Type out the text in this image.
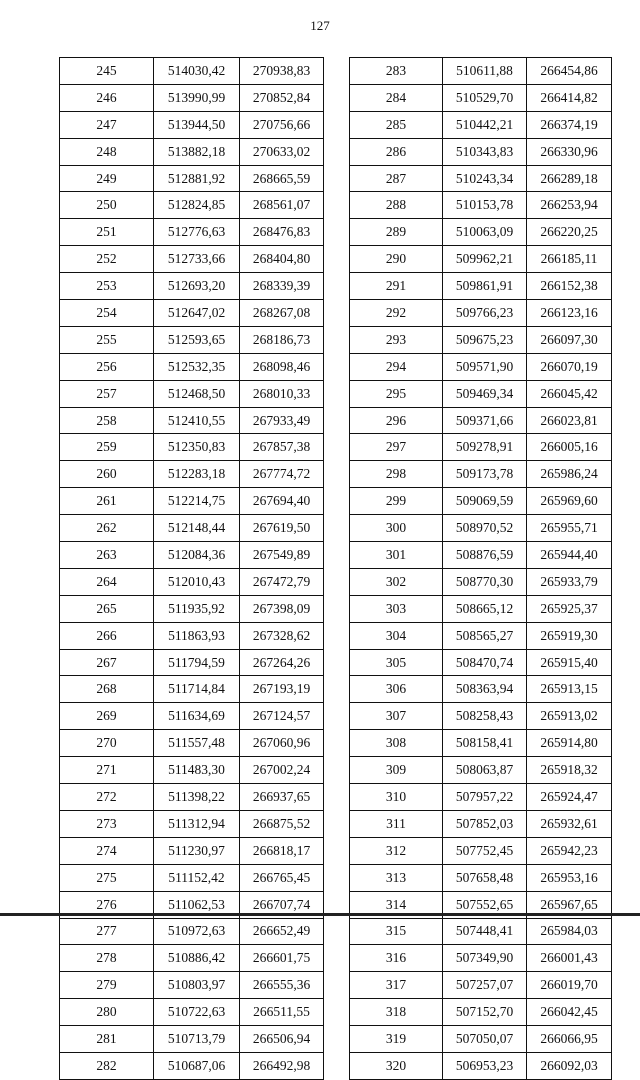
127
245	514030,42	270938,83
246	513990,99	270852,84
247	513944,50	270756,66
248	513882,18	270633,02
249	512881,92	268665,59
250	512824,85	268561,07
251	512776,63	268476,83
252	512733,66	268404,80
253	512693,20	268339,39
254	512647,02	268267,08
255	512593,65	268186,73
256	512532,35	268098,46
257	512468,50	268010,33
258	512410,55	267933,49
259	512350,83	267857,38
260	512283,18	267774,72
261	512214,75	267694,40
262	512148,44	267619,50
263	512084,36	267549,89
264	512010,43	267472,79
265	511935,92	267398,09
266	511863,93	267328,62
267	511794,59	267264,26
268	511714,84	267193,19
269	511634,69	267124,57
270	511557,48	267060,96
271	511483,30	267002,24
272	511398,22	266937,65
273	511312,94	266875,52
274	511230,97	266818,17
275	511152,42	266765,45
276	511062,53	266707,74
277	510972,63	266652,49
278	510886,42	266601,75
279	510803,97	266555,36
280	510722,63	266511,55
281	510713,79	266506,94
282	510687,06	266492,98
283	510611,88	266454,86
284	510529,70	266414,82
285	510442,21	266374,19
286	510343,83	266330,96
287	510243,34	266289,18
288	510153,78	266253,94
289	510063,09	266220,25
290	509962,21	266185,11
291	509861,91	266152,38
292	509766,23	266123,16
293	509675,23	266097,30
294	509571,90	266070,19
295	509469,34	266045,42
296	509371,66	266023,81
297	509278,91	266005,16
298	509173,78	265986,24
299	509069,59	265969,60
300	508970,52	265955,71
301	508876,59	265944,40
302	508770,30	265933,79
303	508665,12	265925,37
304	508565,27	265919,30
305	508470,74	265915,40
306	508363,94	265913,15
307	508258,43	265913,02
308	508158,41	265914,80
309	508063,87	265918,32
310	507957,22	265924,47
311	507852,03	265932,61
312	507752,45	265942,23
313	507658,48	265953,16
314	507552,65	265967,65
315	507448,41	265984,03
316	507349,90	266001,43
317	507257,07	266019,70
318	507152,70	266042,45
319	507050,07	266066,95
320	506953,23	266092,03
